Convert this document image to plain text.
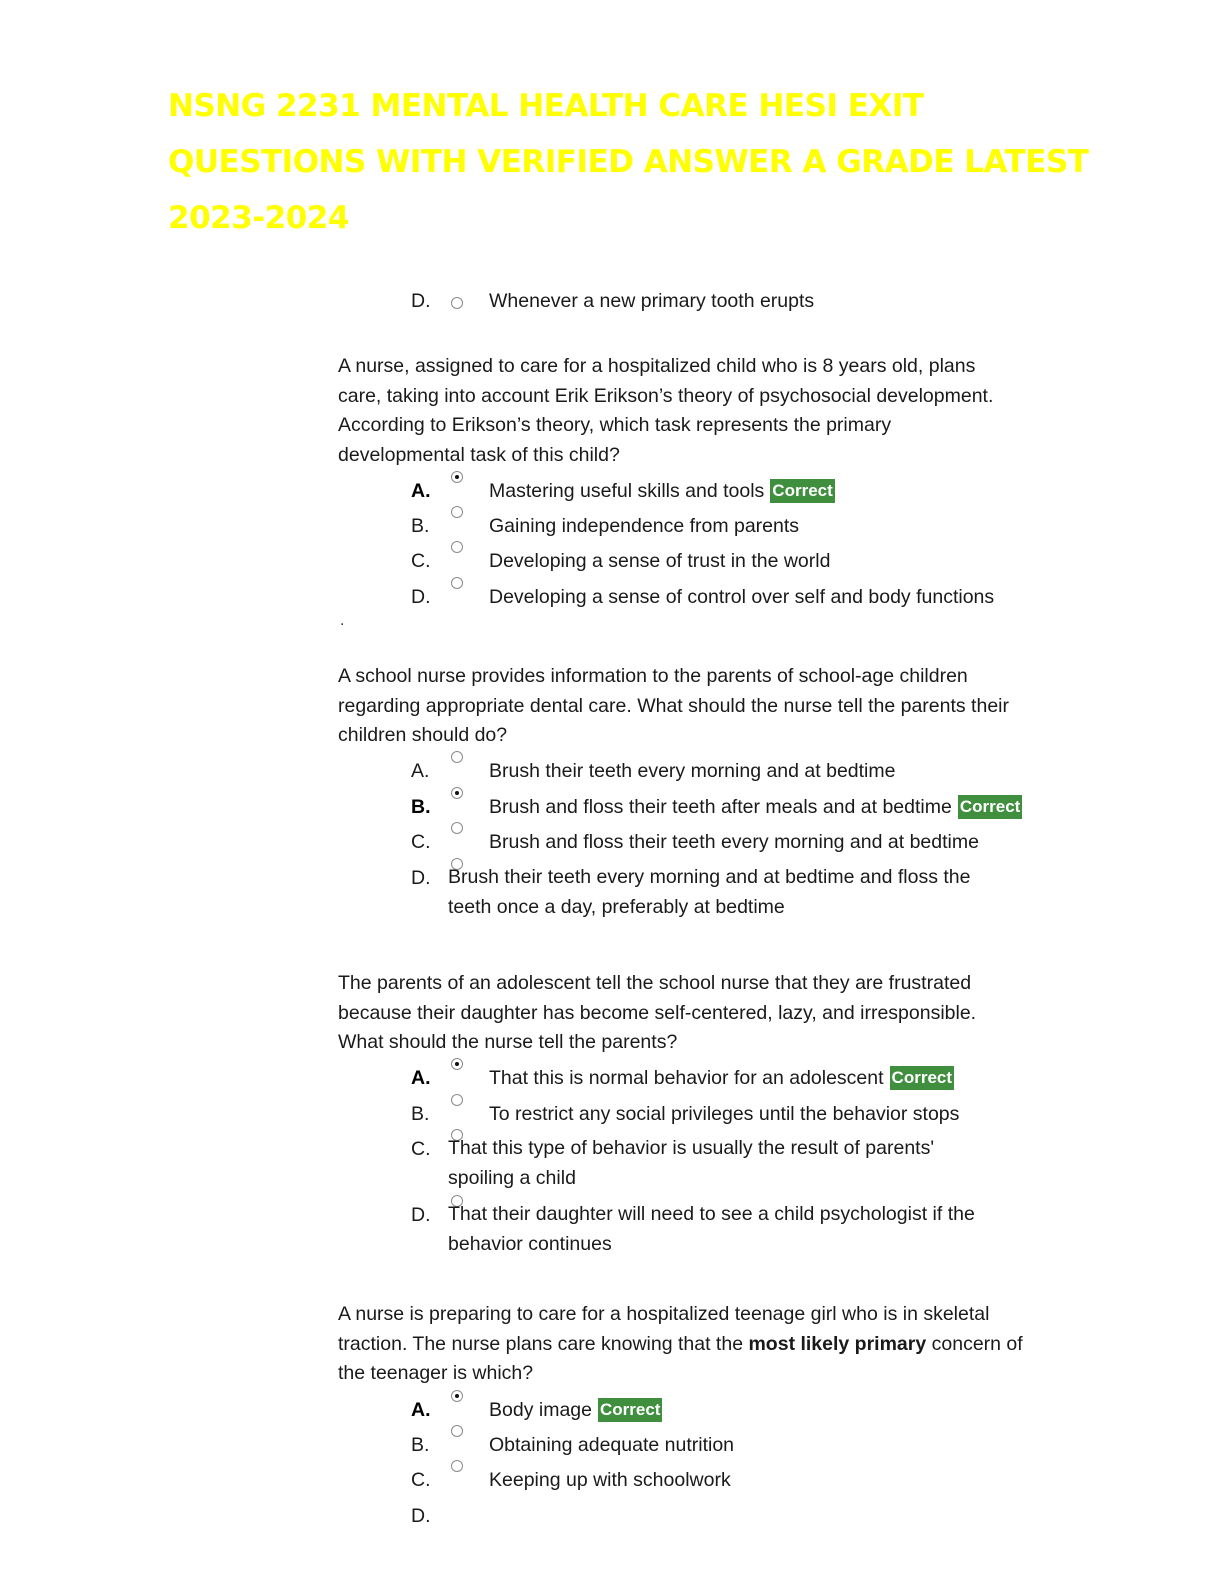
NSNG 2231 MENTAL HEALTH CARE HESI EXIT
QUESTIONS WITH VERIFIED ANSWER A GRADE LATEST
2023-2024
D.	Whenever a new primary tooth erupts
A nurse, assigned to care for a hospitalized child who is 8 years old, plans
care, taking into account Erik Erikson’s theory of psychosocial development.
According to Erikson’s theory, which task represents the primary
developmental task of this child?
A.	Mastering useful skills and tools Correct
B.	Gaining independence from parents
C.	Developing a sense of trust in the world
D.	Developing a sense of control over self and body functions
.
A school nurse provides information to the parents of school-age children
regarding appropriate dental care. What should the nurse tell the parents their
children should do?
A.	Brush their teeth every morning and at bedtime
B.	Brush and floss their teeth after meals and at bedtime Correct
C.	Brush and floss their teeth every morning and at bedtime
D. Brush their teeth every morning and at bedtime and floss the
teeth once a day, preferably at bedtime
The parents of an adolescent tell the school nurse that they are frustrated
because their daughter has become self-centered, lazy, and irresponsible.
What should the nurse tell the parents?
A.	That this is normal behavior for an adolescent Correct
B.	To restrict any social privileges until the behavior stops
C. That this type of behavior is usually the result of parents'
spoiling a child
D. That their daughter will need to see a child psychologist if the
behavior continues
A nurse is preparing to care for a hospitalized teenage girl who is in skeletal
traction. The nurse plans care knowing that the most likely primary concern of
the teenager is which?
A.	Body image Correct
B.	Obtaining adequate nutrition
C.	Keeping up with schoolwork
D.
